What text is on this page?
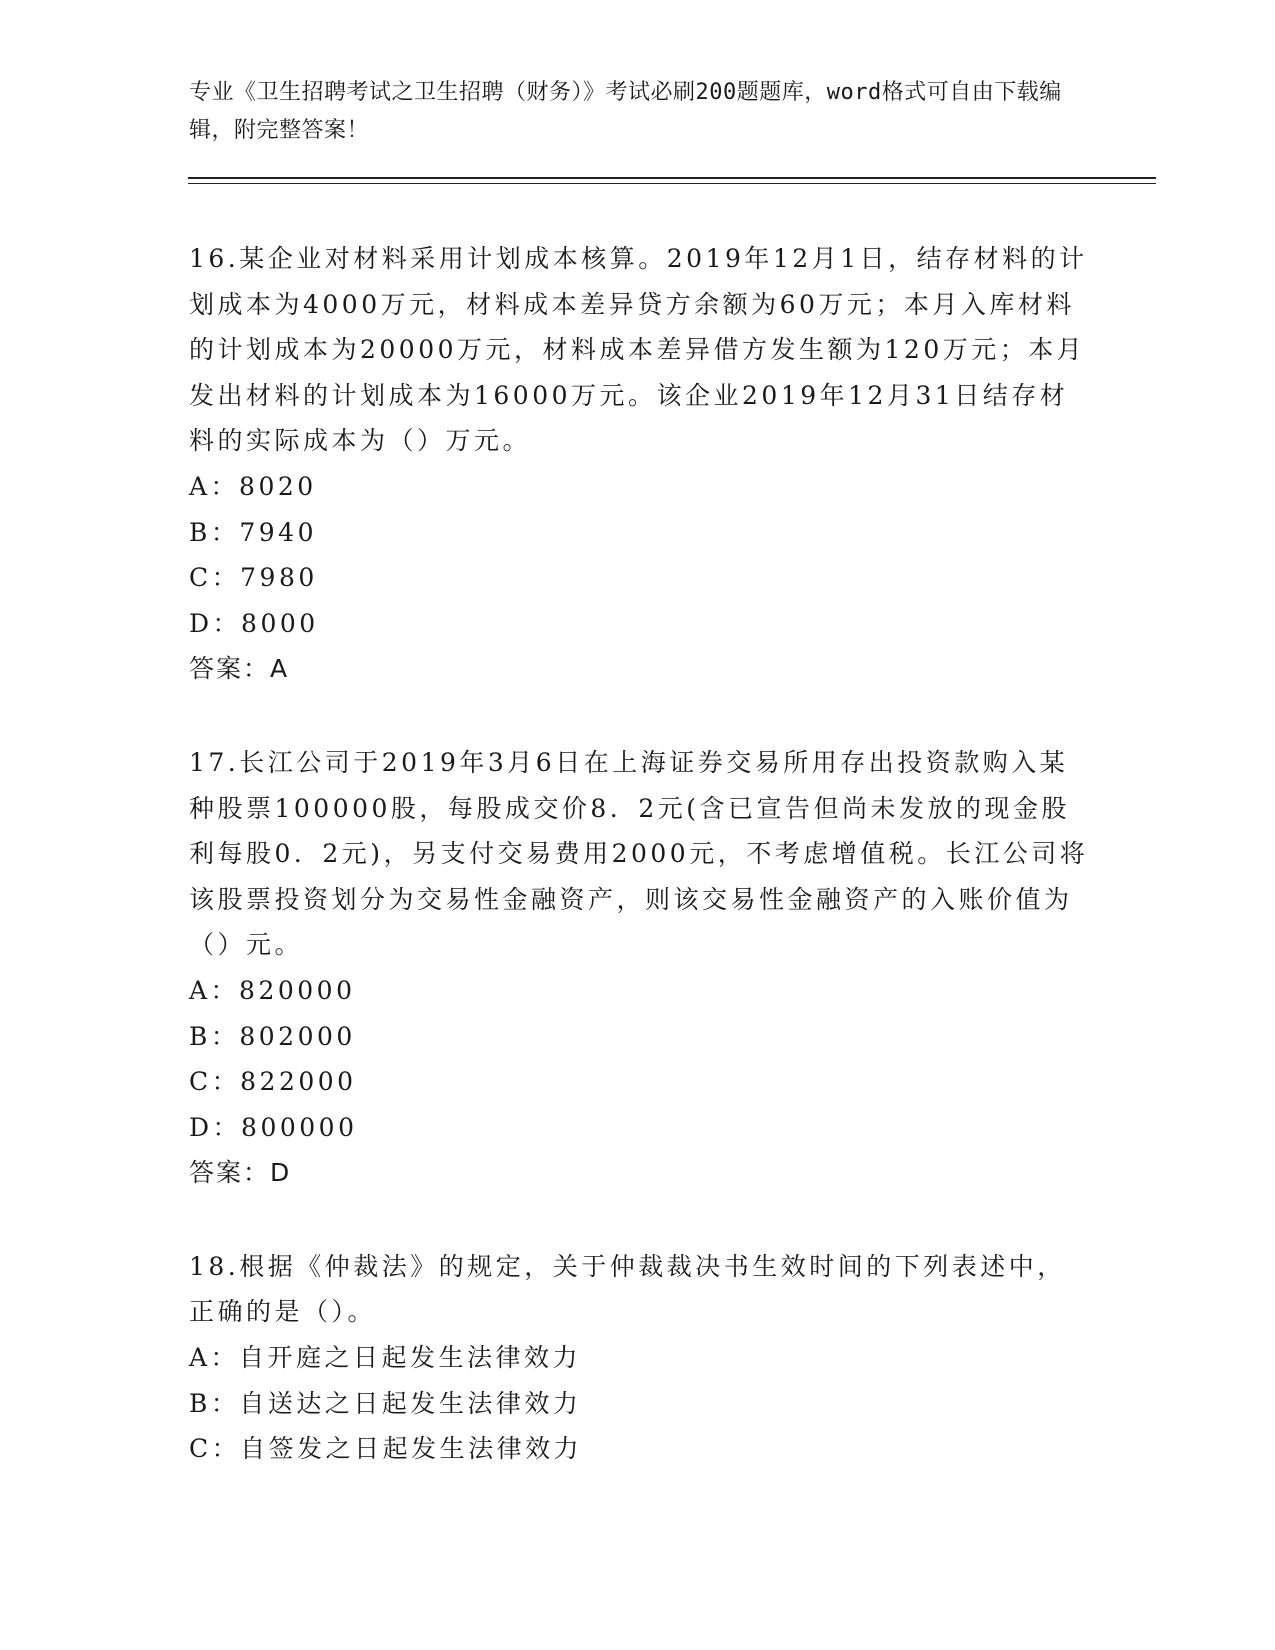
专业《卫生招聘考试之卫生招聘（财务）》考试必刷200题题库，word格式可自由下载编辑，附完整答案！

16.某企业对材料采用计划成本核算。2019年12月1日，结存材料的计划成本为4000万元，材料成本差异贷方余额为60万元；本月入库材料的计划成本为20000万元，材料成本差异借方发生额为120万元；本月发出材料的计划成本为16000万元。该企业2019年12月31日结存材料的实际成本为（）万元。

A：8020

B：7940

C：7980

D：8000

答案：A

17.长江公司于2019年3月6日在上海证券交易所用存出投资款购入某种股票100000股，每股成交价8．2元(含已宣告但尚未发放的现金股利每股0．2元)，另支付交易费用2000元，不考虑增值税。长江公司将该股票投资划分为交易性金融资产，则该交易性金融资产的入账价值为（）元。

A：820000

B：802000

C：822000

D：800000

答案：D

18.根据《仲裁法》的规定，关于仲裁裁决书生效时间的下列表述中，正确的是（）。

A：自开庭之日起发生法律效力

B：自送达之日起发生法律效力

C：自签发之日起发生法律效力
